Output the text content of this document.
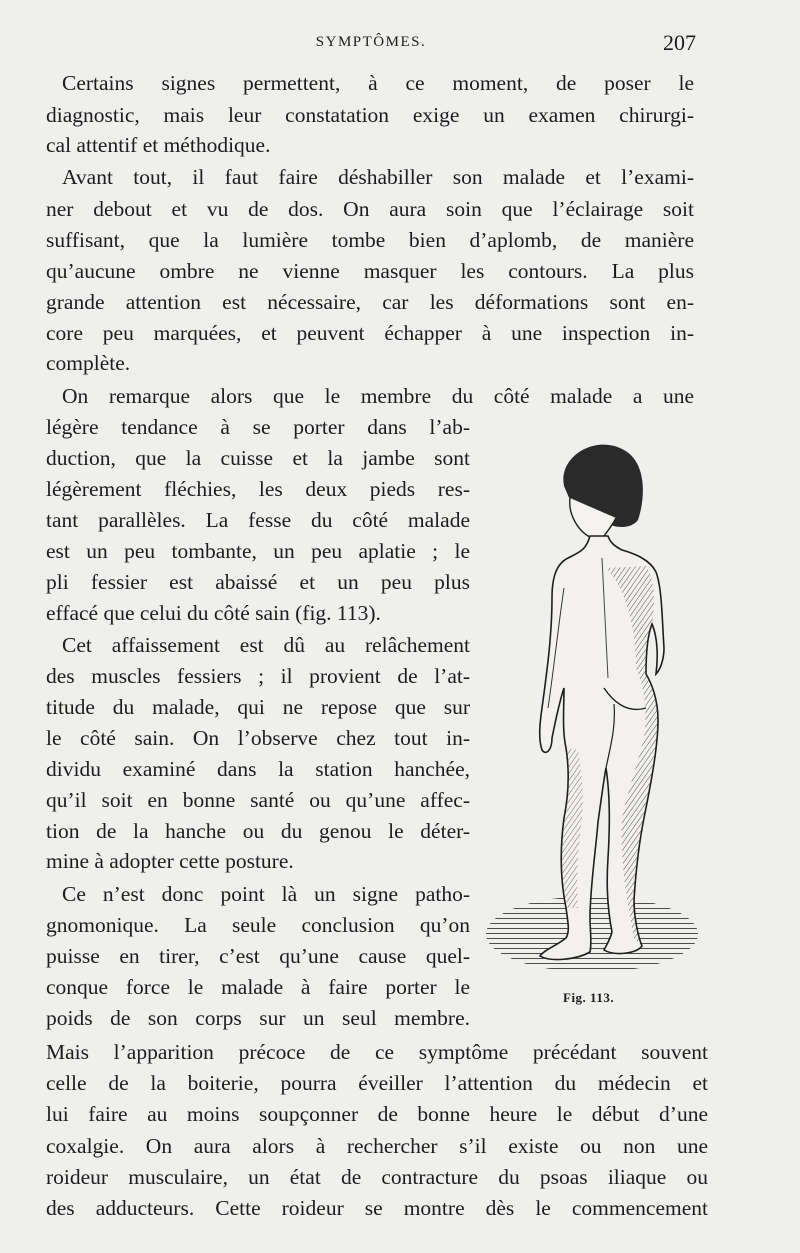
SYMPTÔMES.	207
Certains signes permettent, à ce moment, de poser le
diagnostic, mais leur constatation exige un examen chirurgi-
cal attentif et méthodique.
Avant tout, il faut faire déshabiller son malade et l’exami-
ner debout et vu de dos. On aura soin que l’éclairage soit
suffisant, que la lumière tombe bien d’aplomb, de manière
qu’aucune ombre ne vienne masquer les contours. La plus
grande attention est nécessaire, car les déformations sont en-
core peu marquées, et peuvent échapper à une inspection in-
complète.
On remarque alors que le membre du côté malade a une
légère tendance à se porter dans l’ab-
duction, que la cuisse et la jambe sont
légèrement fléchies, les deux pieds res-
tant parallèles. La fesse du côté malade
est un peu tombante, un peu aplatie ; le
pli fessier est abaissé et un peu plus
effacé que celui du côté sain (fig. 113).
Cet affaissement est dû au relâchement
des muscles fessiers ; il provient de l’at-
titude du malade, qui ne repose que sur
le côté sain. On l’observe chez tout in-
dividu examiné dans la station hanchée,
qu’il soit en bonne santé ou qu’une affec-
tion de la hanche ou du genou le déter-
mine à adopter cette posture.
Ce n’est donc point là un signe patho-
gnomonique. La seule conclusion qu’on
puisse en tirer, c’est qu’une cause quel-
conque force le malade à faire porter le
poids de son corps sur un seul membre.
Mais l’apparition précoce de ce symptôme précédant souvent
celle de la boiterie, pourra éveiller l’attention du médecin et
lui faire au moins soupçonner de bonne heure le début d’une
coxalgie. On aura alors à rechercher s’il existe ou non une
roideur musculaire, un état de contracture du psoas iliaque ou
des adducteurs. Cette roideur se montre dès le commencement
Fig. 113.
